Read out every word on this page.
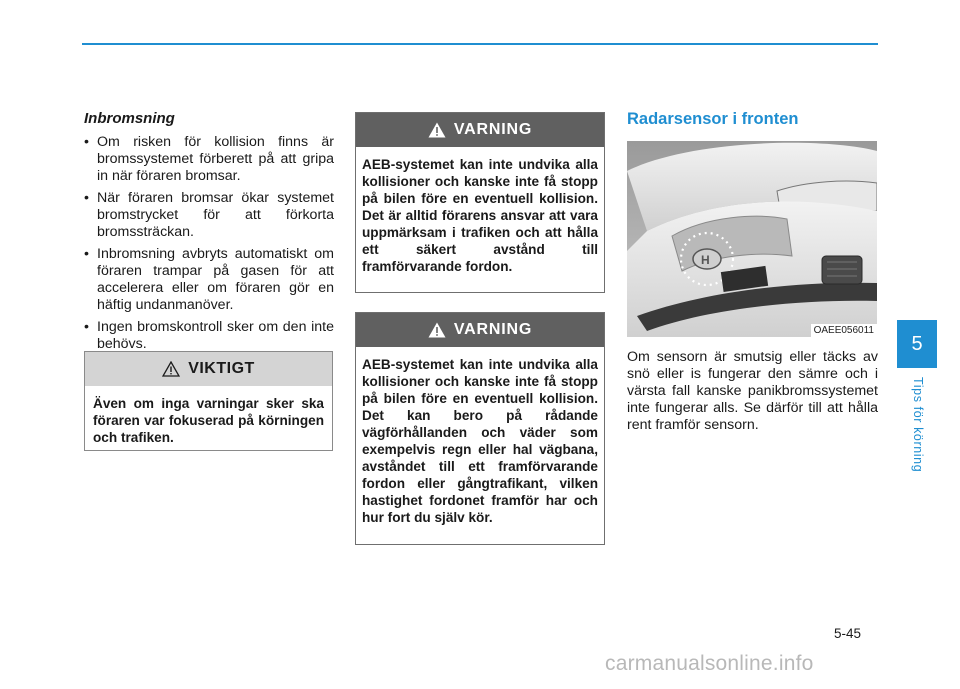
Inbromsning
• Om risken för kollision finns är bromssystemet förberett på att gripa in när föraren bromsar.
• När föraren bromsar ökar systemet bromstrycket för att förkorta bromssträckan.
• Inbromsning avbryts automatiskt om föraren trampar på gasen för att accelerera eller om föraren gör en häftig undanmanöver.
• Ingen bromskontroll sker om den inte behövs.
VIKTIGT
Även om inga varningar sker ska föraren var fokuserad på körningen och trafiken.
VARNING
AEB-systemet kan inte undvika alla kollisioner och kanske inte få stopp på bilen före en eventuell kollision. Det är alltid förarens ansvar att vara uppmärksam i trafiken och att hålla ett säkert avstånd till framförvarande fordon.
VARNING
AEB-systemet kan inte undvika alla kollisioner och kanske inte få stopp på bilen före en eventuell kollision. Det kan bero på rådande vägförhållanden och väder som exempelvis regn eller hal vägbana, avståndet till ett framförvarande fordon eller gångtrafikant, vilken hastighet fordonet framför har och hur fort du själv kör.
Radarsensor i fronten
H
OAEE056011
Om sensorn är smutsig eller täcks av snö eller is fungerar den sämre och i värsta fall kanske panikbromssystemet inte fungerar alls. Se därför till att hålla rent framför sensorn.
5
Tips för körning
5-45
carmanualsonline.info
